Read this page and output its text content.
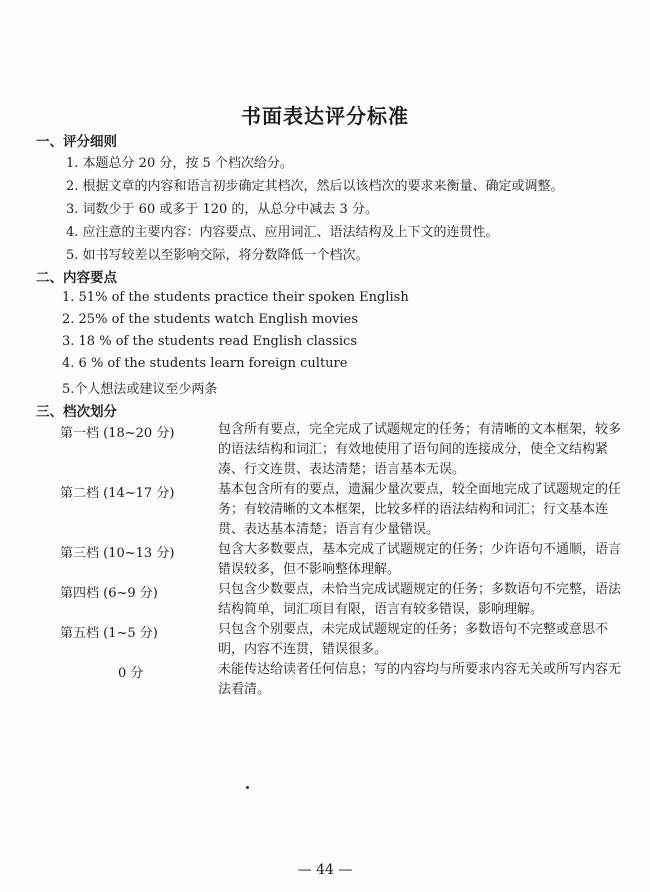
书面表达评分标准
一、评分细则
1. 本题总分 20 分，按 5 个档次给分。
2. 根据文章的内容和语言初步确定其档次，然后以该档次的要求来衡量、确定或调整。
3. 词数少于 60 或多于 120 的，从总分中减去 3 分。
4. 应注意的主要内容：内容要点、应用词汇、语法结构及上下文的连贯性。
5. 如书写较差以至影响交际，将分数降低一个档次。
二、内容要点
1. 51% of the students practice their spoken English
2. 25% of the students watch English movies
3. 18 % of the students read English classics
4. 6 % of the students learn foreign culture
5.个人想法或建议至少两条
三、档次划分
第一档 (18~20 分)	包含所有要点，完全完成了试题规定的任务；有清晰的文本框架，较多的语法结构和词汇；有效地使用了语句间的连接成分，使全文结构紧凑、行文连贯、表达清楚；语言基本无误。
第二档 (14~17 分)	基本包含所有的要点，遗漏少量次要点，较全面地完成了试题规定的任务；有较清晰的文本框架，比较多样的语法结构和词汇；行文基本连贯、表达基本清楚；语言有少量错误。
第三档 (10~13 分)	包含大多数要点，基本完成了试题规定的任务；少许语句不通顺，语言错误较多，但不影响整体理解。
第四档 (6~9 分)	只包含少数要点，未恰当完成试题规定的任务；多数语句不完整，语法结构简单，词汇项目有限，语言有较多错误，影响理解。
第五档 (1~5 分)	只包含个别要点，未完成试题规定的任务；多数语句不完整或意思不明，内容不连贯，错误很多。
0 分	未能传达给读者任何信息；写的内容均与所要求内容无关或所写内容无法看清。
— 44 —
